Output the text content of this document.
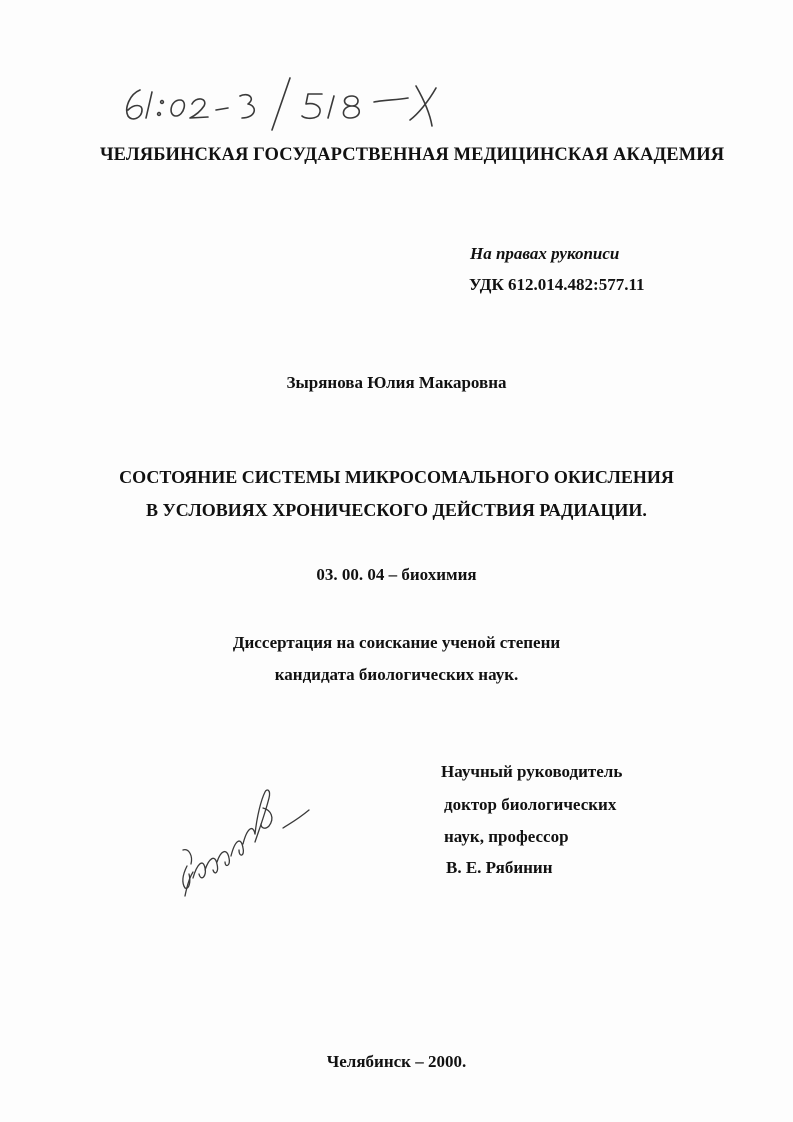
ЧЕЛЯБИНСКАЯ ГОСУДАРСТВЕННАЯ МЕДИЦИНСКАЯ АКАДЕМИЯ
На правах рукописи
УДК 612.014.482:577.11
Зырянова Юлия Макаровна
СОСТОЯНИЕ СИСТЕМЫ МИКРОСОМАЛЬНОГО ОКИСЛЕНИЯ
В УСЛОВИЯХ ХРОНИЧЕСКОГО ДЕЙСТВИЯ РАДИАЦИИ.
03. 00. 04 – биохимия
Диссертация на соискание ученой степени
кандидата биологических наук.
Научный руководитель
доктор биологических
наук, профессор
В. Е. Рябинин
Челябинск – 2000.
